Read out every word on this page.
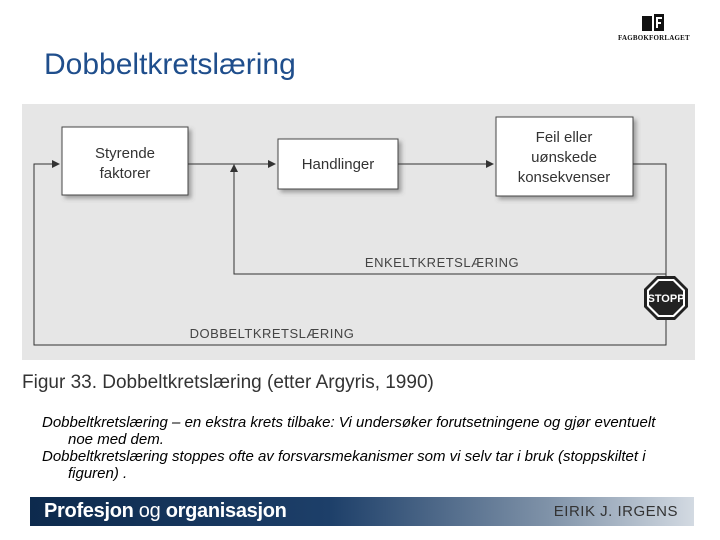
FAGBOKFORLAGET
Dobbeltkretslæring
Styrende
faktorer
Handlinger
Feil eller
uønskede
konsekvenser
ENKELTKRETSLÆRING
DOBBELTKRETSLÆRING
STOPP
Figur 33. Dobbeltkretslæring (etter Argyris, 1990)

Dobbeltkretslæring – en ekstra krets tilbake: Vi undersøker forutsetningene og gjør eventuelt noe med dem.

Dobbeltkretslæring stoppes ofte av forsvarsmekanismer som vi selv tar i bruk (stoppskiltet i figuren) .

Profesjon og organisasjon	EIRIK J. IRGENS
